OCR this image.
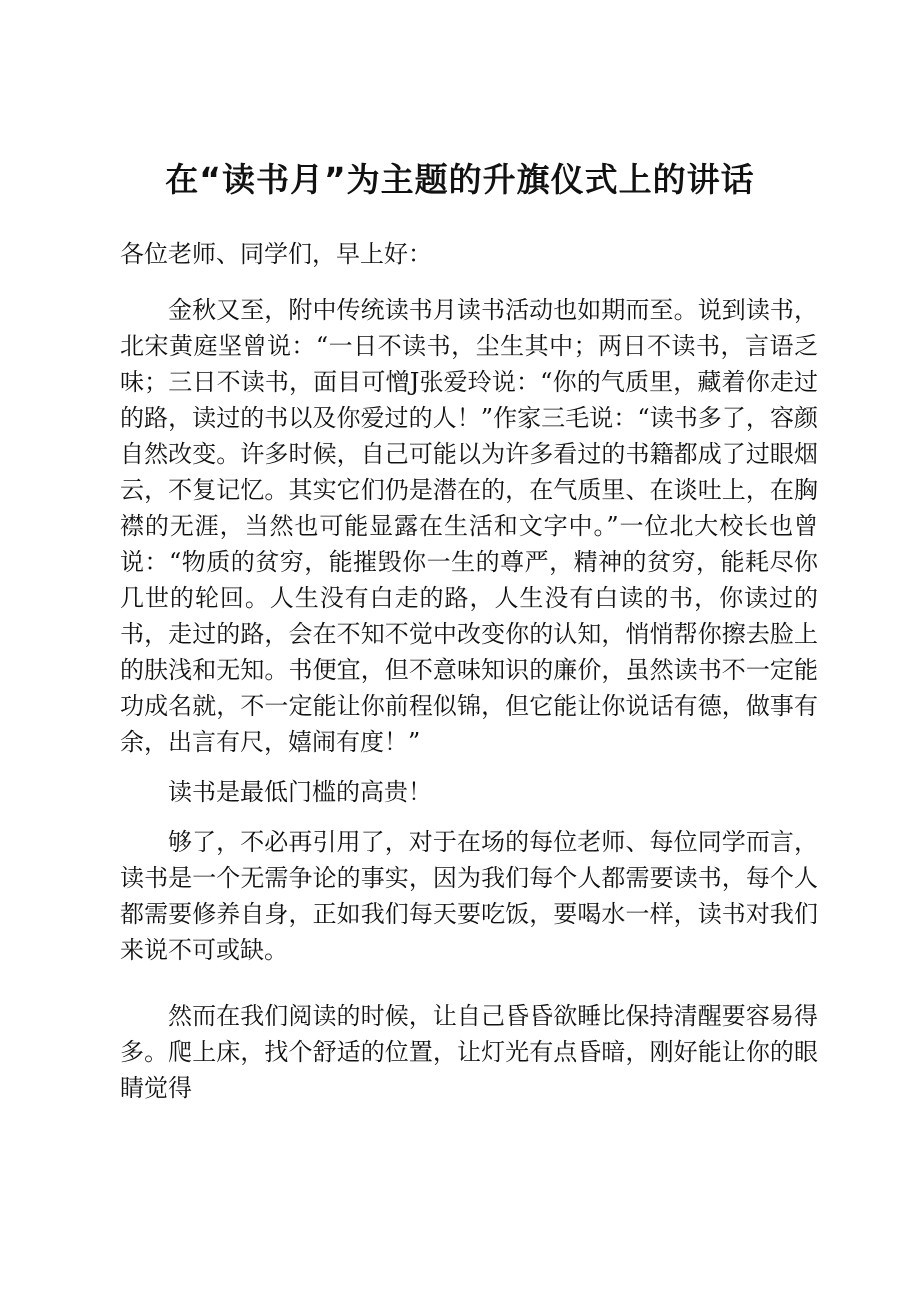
在“读书月”为主题的升旗仪式上的讲话

各位老师、同学们，早上好：

金秋又至，附中传统读书月读书活动也如期而至。说到读书，北宋黄庭坚曾说：“一日不读书，尘生其中；两日不读书，言语乏味；三日不读书，面目可憎J张爱玲说：“你的气质里，藏着你走过的路，读过的书以及你爱过的人！”作家三毛说：“读书多了，容颜自然改变。许多时候，自己可能以为许多看过的书籍都成了过眼烟云，不复记忆。其实它们仍是潜在的，在气质里、在谈吐上，在胸襟的无涯，当然也可能显露在生活和文字中。”一位北大校长也曾说：“物质的贫穷，能摧毁你一生的尊严，精神的贫穷，能耗尽你几世的轮回。人生没有白走的路，人生没有白读的书，你读过的书，走过的路，会在不知不觉中改变你的认知，悄悄帮你擦去脸上的肤浅和无知。书便宜，但不意味知识的廉价，虽然读书不一定能功成名就，不一定能让你前程似锦，但它能让你说话有德，做事有余，出言有尺，嬉闹有度！”

读书是最低门槛的高贵！

够了，不必再引用了，对于在场的每位老师、每位同学而言，读书是一个无需争论的事实，因为我们每个人都需要读书，每个人都需要修养自身，正如我们每天要吃饭，要喝水一样，读书对我们来说不可或缺。

然而在我们阅读的时候，让自己昏昏欲睡比保持清醒要容易得多。爬上床，找个舒适的位置，让灯光有点昏暗，刚好能让你的眼睛觉得
